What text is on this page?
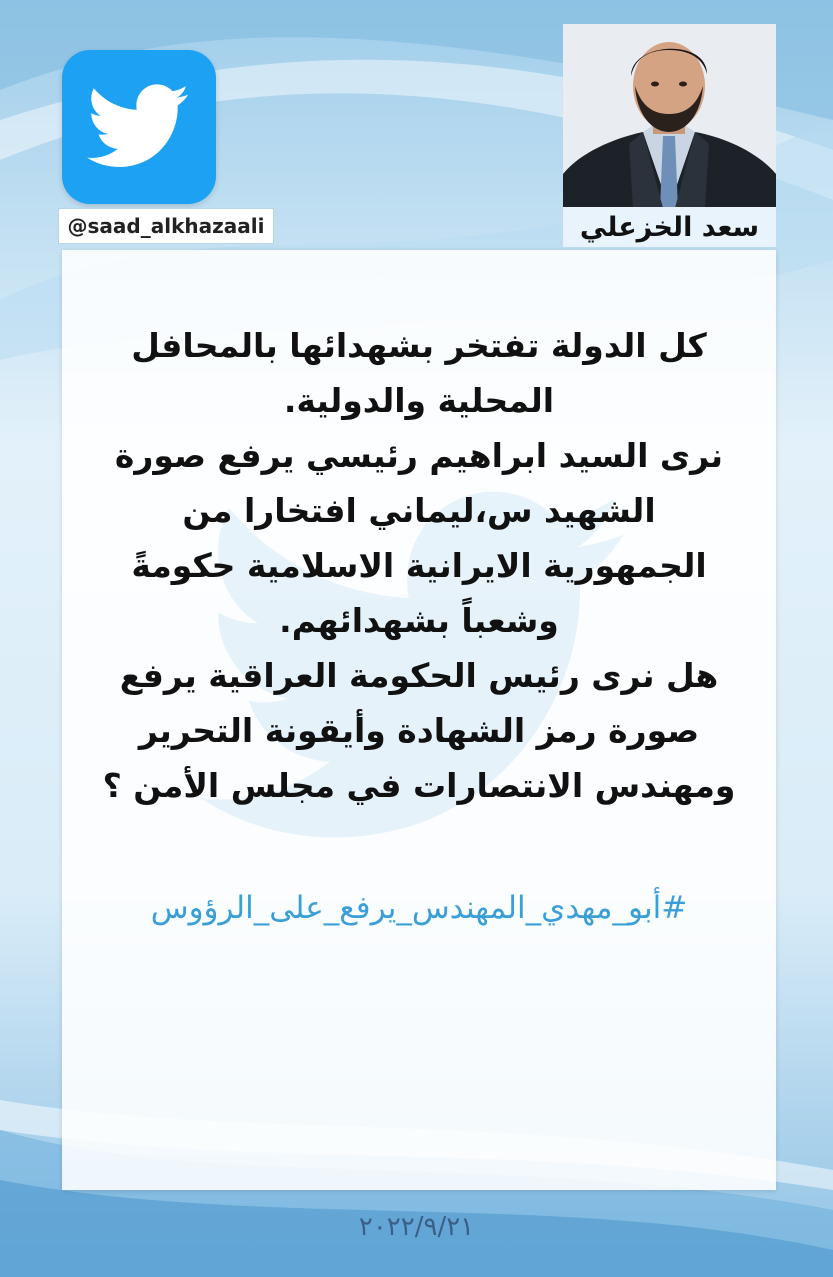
@saad_alkhazaali	سعد الخزعلي
كل الدولة تفتخر بشهدائها بالمحافل
المحلية والدولية.
نرى السيد ابراهيم رئيسي يرفع صورة
الشهيد س،ليماني افتخارا من
الجمهورية الايرانية الاسلامية حكومةً
وشعباً بشهدائهم.
هل نرى رئيس الحكومة العراقية يرفع
صورة رمز الشهادة وأيقونة التحرير
ومهندس الانتصارات في مجلس الأمن ؟
#أبو_مهدي_المهندس_يرفع_على_الرؤوس
٢٠٢٢/٩/٢١
